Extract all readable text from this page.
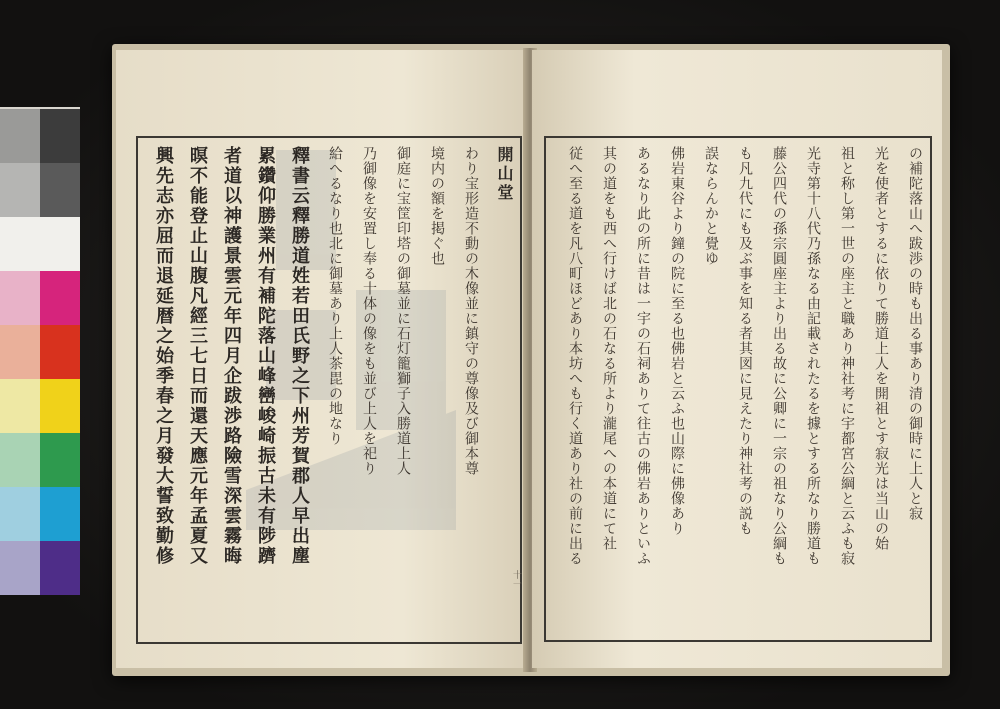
開山堂
わり宝形造不動の木像並に鎮守の尊像及び御本尊
境内の額を掲ぐ也
御庭に宝筐印塔の御墓並に石灯籠獅子入勝道上人
乃御像を安置し奉る十体の像をも並び上人を祀り
給へるなり也北に御墓あり上人茶毘の地なり
釋書云釋勝道姓若田氏野之下州芳賀郡人早出塵
累鑽仰勝業州有補陀落山峰巒峻崎振古未有陟躋
者道以神護景雲元年四月企跋渉路險雪深雲霧晦
暝不能登止山腹凡經三七日而還天應元年孟夏又
興先志亦屈而退延暦之始季春之月發大誓致勤修
十一
の補陀落山へ跋渉の時も出る事あり清の御時に上人と寂
光を使者とするに依りて勝道上人を開祖とす寂光は当山の始
祖と称し第一世の座主と職あり神社考に宇都宮公綱と云ふも寂
光寺第十八代乃孫なる由記載されたるを據とする所なり勝道も
藤公四代の孫宗圓座主より出る故に公卿に一宗の祖なり公綱も
も凡九代にも及ぶ事を知る者其図に見えたり神社考の説も
誤ならんかと覺ゆ
佛岩東谷より鐘の院に至る也佛岩と云ふ也山際に佛像あり
あるなり此の所に昔は一宇の石祠ありて往古の佛岩ありといふ
其の道をも西へ行けば北の石なる所より瀧尾への本道にて社
従へ至る道を凡八町ほどあり本坊へも行く道あり社の前に出る
